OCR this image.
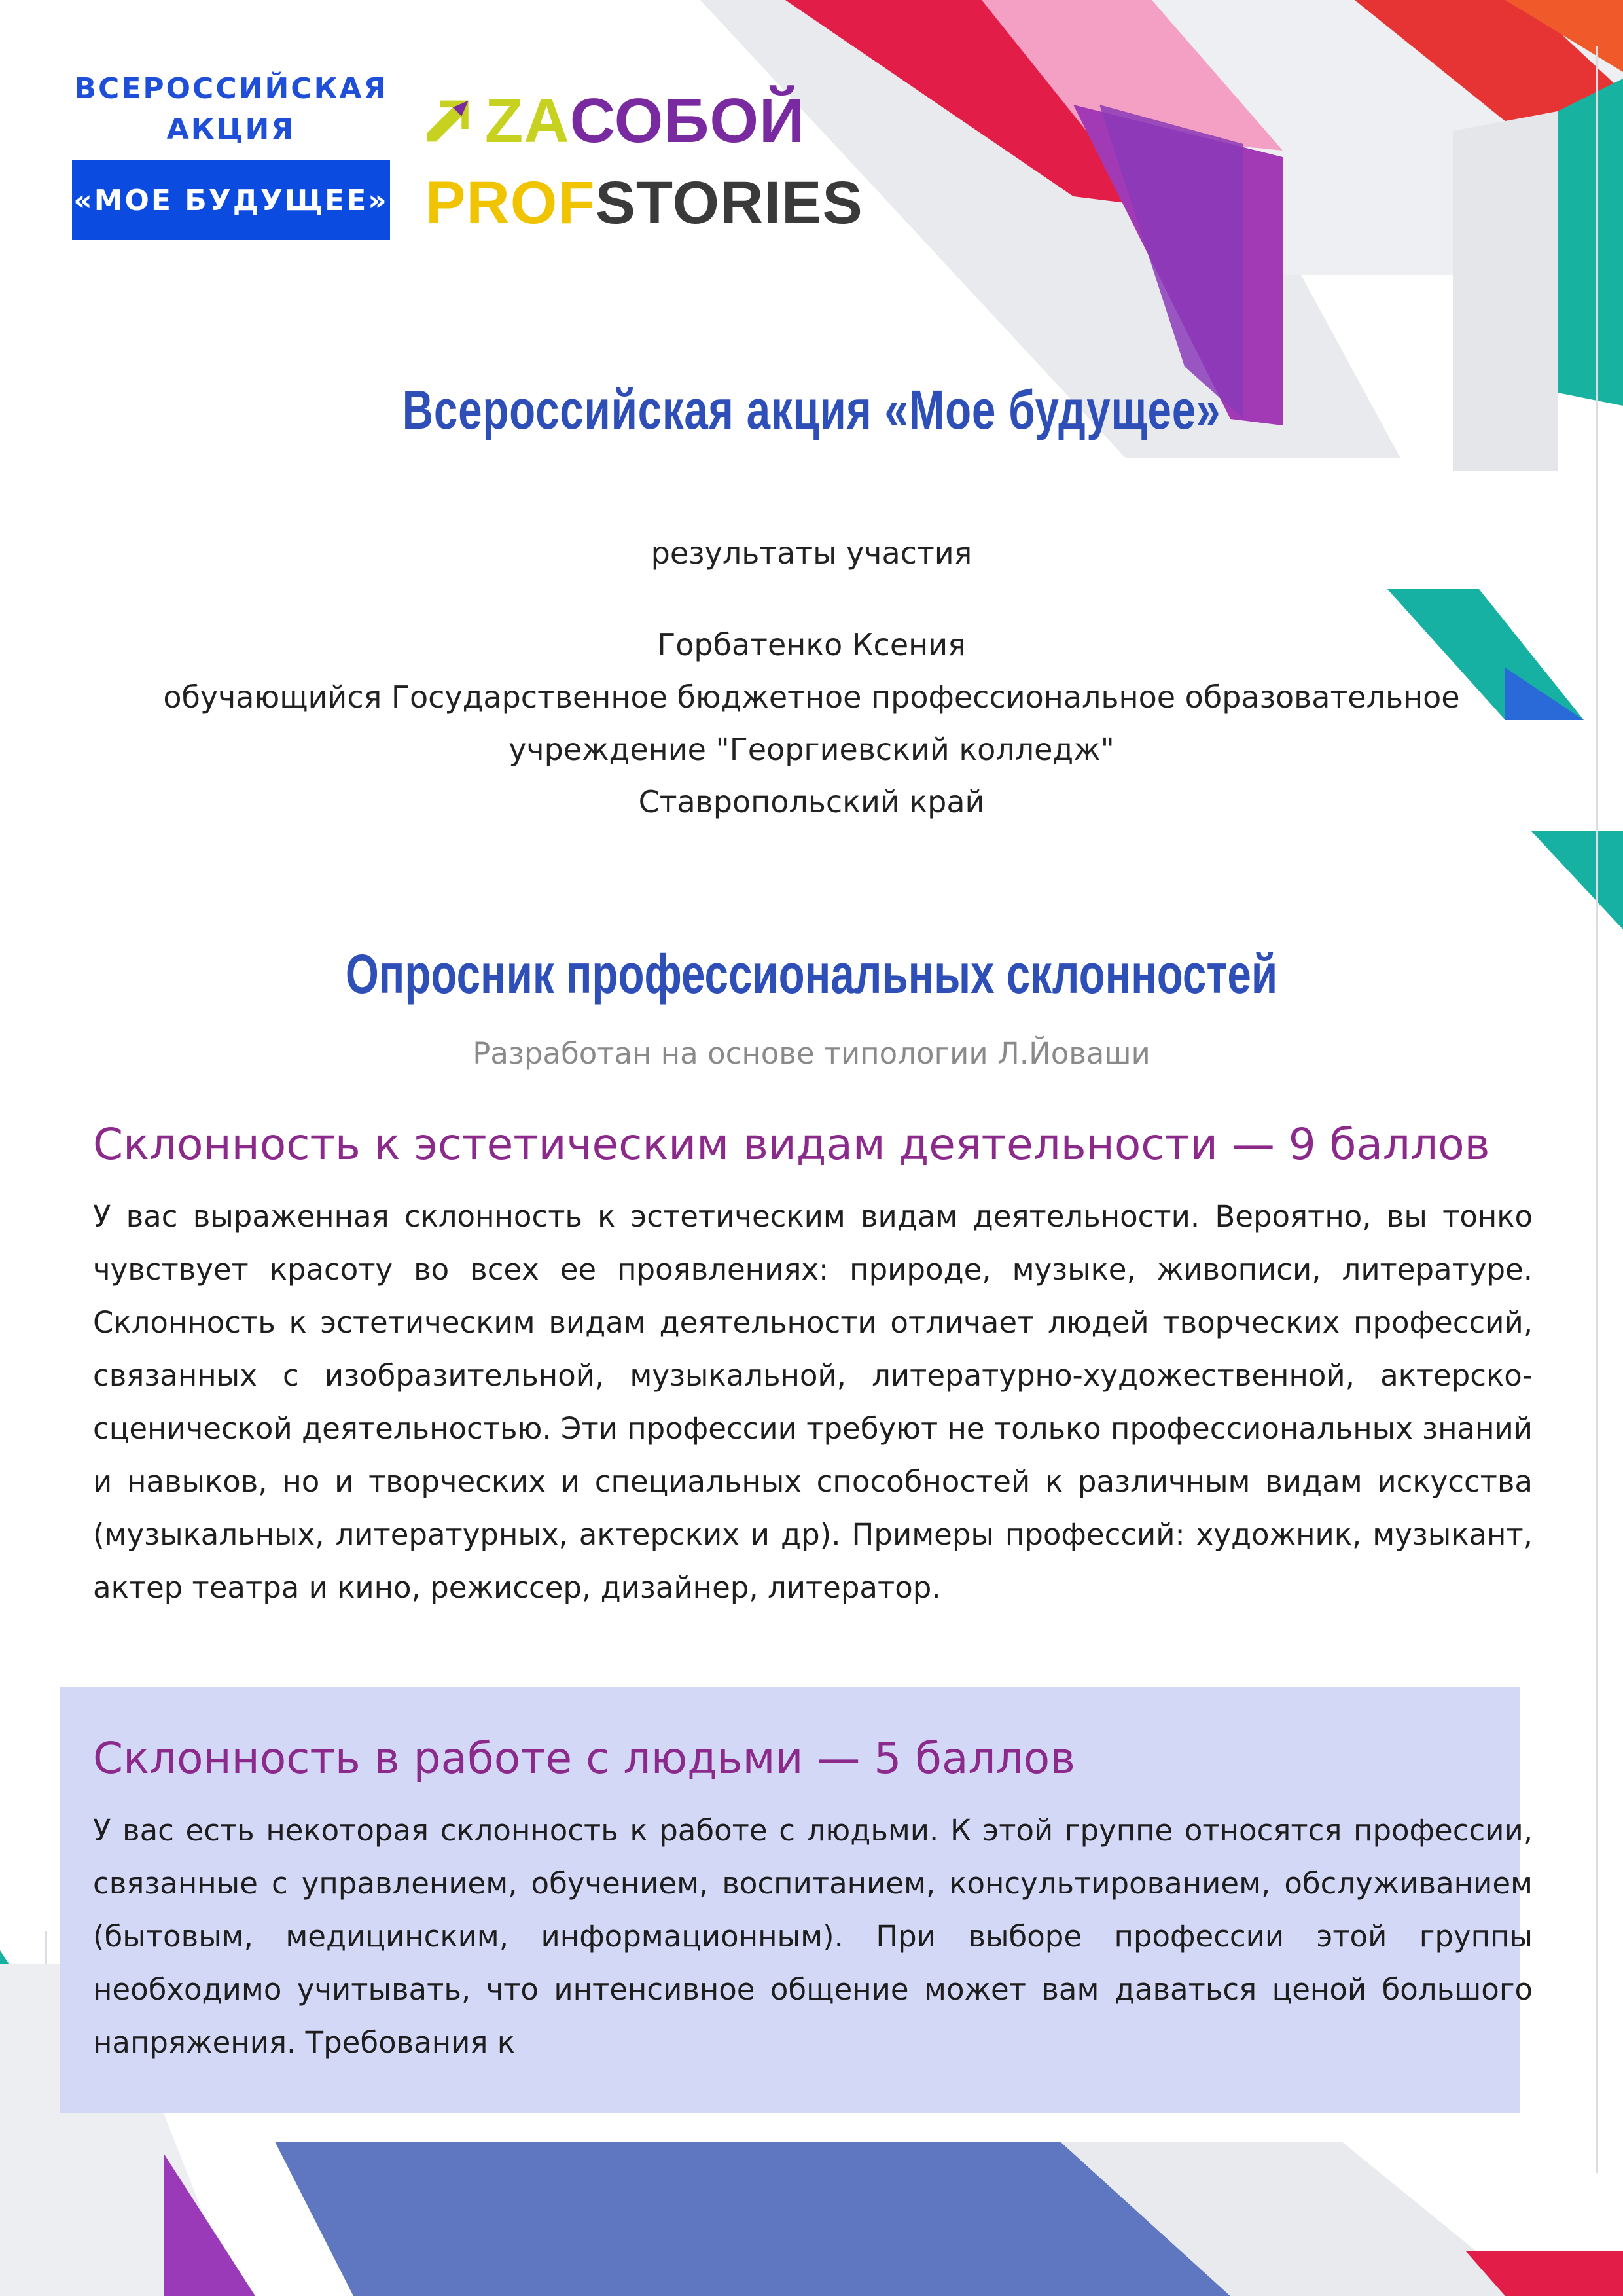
ВСЕРОССИЙСКАЯ
АКЦИЯ
«МОЕ БУДУЩЕЕ»
ZAСОБОЙ
PROFSTORIES
Всероссийская акция «Мое будущее»
результаты участия
Горбатенко Ксения
обучающийся Государственное бюджетное профессиональное образовательное
учреждение "Георгиевский колледж"
Ставропольский край
Опросник профессиональных склонностей
Разработан на основе типологии Л.Йоваши
Склонность к эстетическим видам деятельности — 9 баллов
У вас выраженная склонность к эстетическим видам деятельности. Вероятно, вы тонко чувствует красоту во всех ее проявлениях: природе, музыке, живописи, литературе. Склонность к эстетическим видам деятельности отличает людей творческих профессий, связанных с изобразительной, музыкальной, литературно-художественной, актерско-сценической деятельностью. Эти профессии требуют не только профессиональных знаний и навыков, но и творческих и специальных способностей к различным видам искусства (музыкальных, литературных, актерских и др). Примеры профессий: художник, музыкант, актер театра и кино, режиссер, дизайнер, литератор.
Склонность в работе с людьми — 5 баллов
У вас есть некоторая склонность к работе с людьми. К этой группе относятся профессии, связанные с управлением, обучением, воспитанием, консультированием, обслуживанием (бытовым, медицинским, информационным). При выборе профессии этой группы необходимо учитывать, что интенсивное общение может вам даваться ценой большого напряжения. Требования к
